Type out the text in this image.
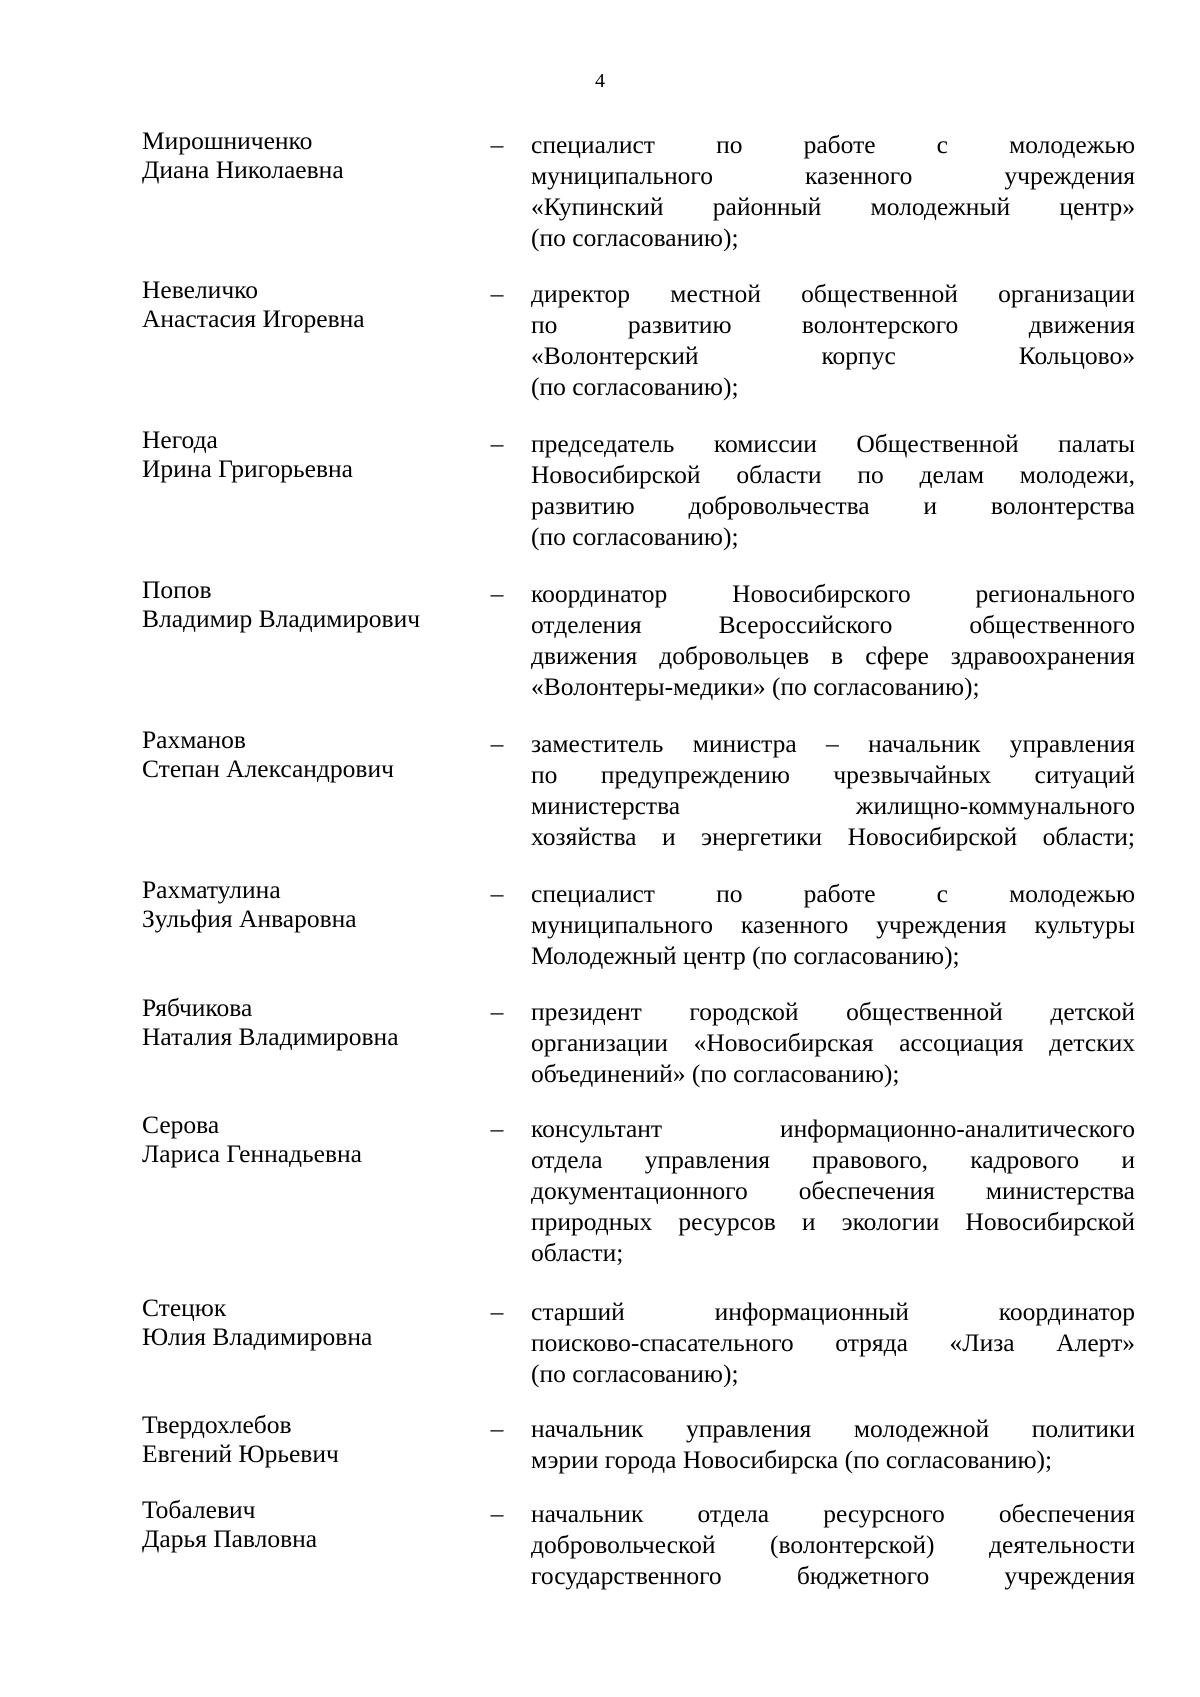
4
Мирошниченко
Диана Николаевна
– специалист по работе с молодежью
муниципального казенного учреждения
«Купинский районный молодежный центр»
(по согласованию);
Невеличко
Анастасия Игоревна
– директор местной общественной организации
по развитию волонтерского движения
«Волонтерский корпус Кольцово»
(по согласованию);
Негода
Ирина Григорьевна
– председатель комиссии Общественной палаты
Новосибирской области по делам молодежи,
развитию добровольчества и волонтерства
(по согласованию);
Попов
Владимир Владимирович
– координатор Новосибирского регионального
отделения Всероссийского общественного
движения добровольцев в сфере здравоохранения
«Волонтеры-медики» (по согласованию);
Рахманов
Степан Александрович
– заместитель министра – начальник управления
по предупреждению чрезвычайных ситуаций
министерства жилищно-коммунального
хозяйства и энергетики Новосибирской области;
Рахматулина
Зульфия Анваровна
– специалист по работе с молодежью
муниципального казенного учреждения культуры
Молодежный центр (по согласованию);
Рябчикова
Наталия Владимировна
– президент городской общественной детской
организации «Новосибирская ассоциация детских
объединений» (по согласованию);
Серова
Лариса Геннадьевна
– консультант информационно-аналитического
отдела управления правового, кадрового и
документационного обеспечения министерства
природных ресурсов и экологии Новосибирской
области;
Стецюк
Юлия Владимировна
– старший информационный координатор
поисково-спасательного отряда «Лиза Алерт»
(по согласованию);
Твердохлебов
Евгений Юрьевич
– начальник управления молодежной политики
мэрии города Новосибирска (по согласованию);
Тобалевич
Дарья Павловна
– начальник отдела ресурсного обеспечения
добровольческой (волонтерской) деятельности
государственного бюджетного учреждения
